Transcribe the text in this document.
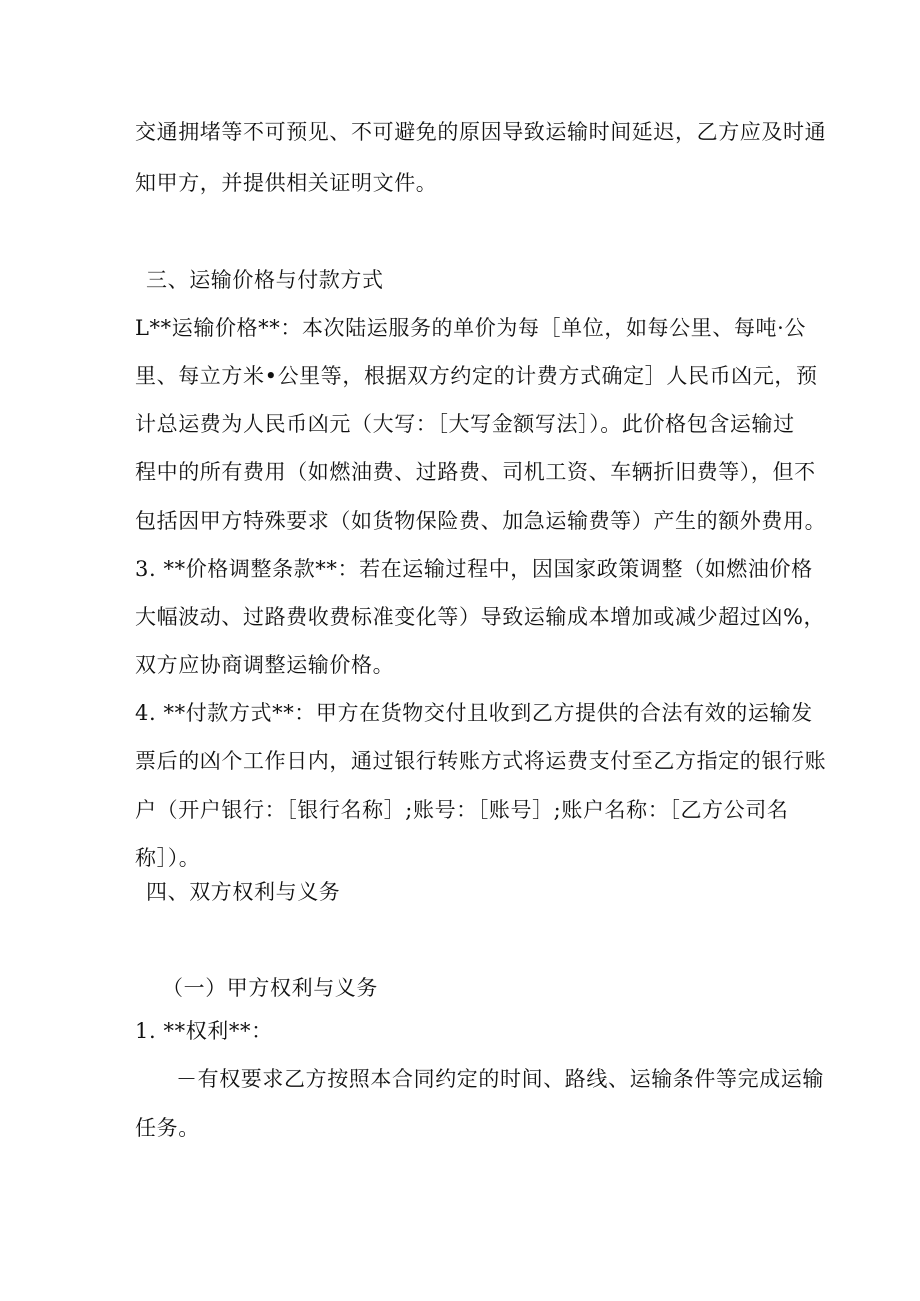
交通拥堵等不可预见、不可避免的原因导致运输时间延迟，乙方应及时通
知甲方，并提供相关证明文件。
三、运输价格与付款方式
L**运输价格**：本次陆运服务的单价为每［单位，如每公里、每吨·公
里、每立方米•公里等，根据双方约定的计费方式确定］人民币凶元，预
计总运费为人民币凶元（大写：［大写金额写法］）。此价格包含运输过
程中的所有费用（如燃油费、过路费、司机工资、车辆折旧费等），但不
包括因甲方特殊要求（如货物保险费、加急运输费等）产生的额外费用。
3. **价格调整条款**：若在运输过程中，因国家政策调整（如燃油价格
大幅波动、过路费收费标准变化等）导致运输成本增加或减少超过凶%，
双方应协商调整运输价格。
4. **付款方式**：甲方在货物交付且收到乙方提供的合法有效的运输发
票后的凶个工作日内，通过银行转账方式将运费支付至乙方指定的银行账
户（开户银行：［银行名称］;账号：［账号］;账户名称：［乙方公司名
称］）。
四、双方权利与义务
（一）甲方权利与义务
1. **权利**：
－有权要求乙方按照本合同约定的时间、路线、运输条件等完成运输
任务。
